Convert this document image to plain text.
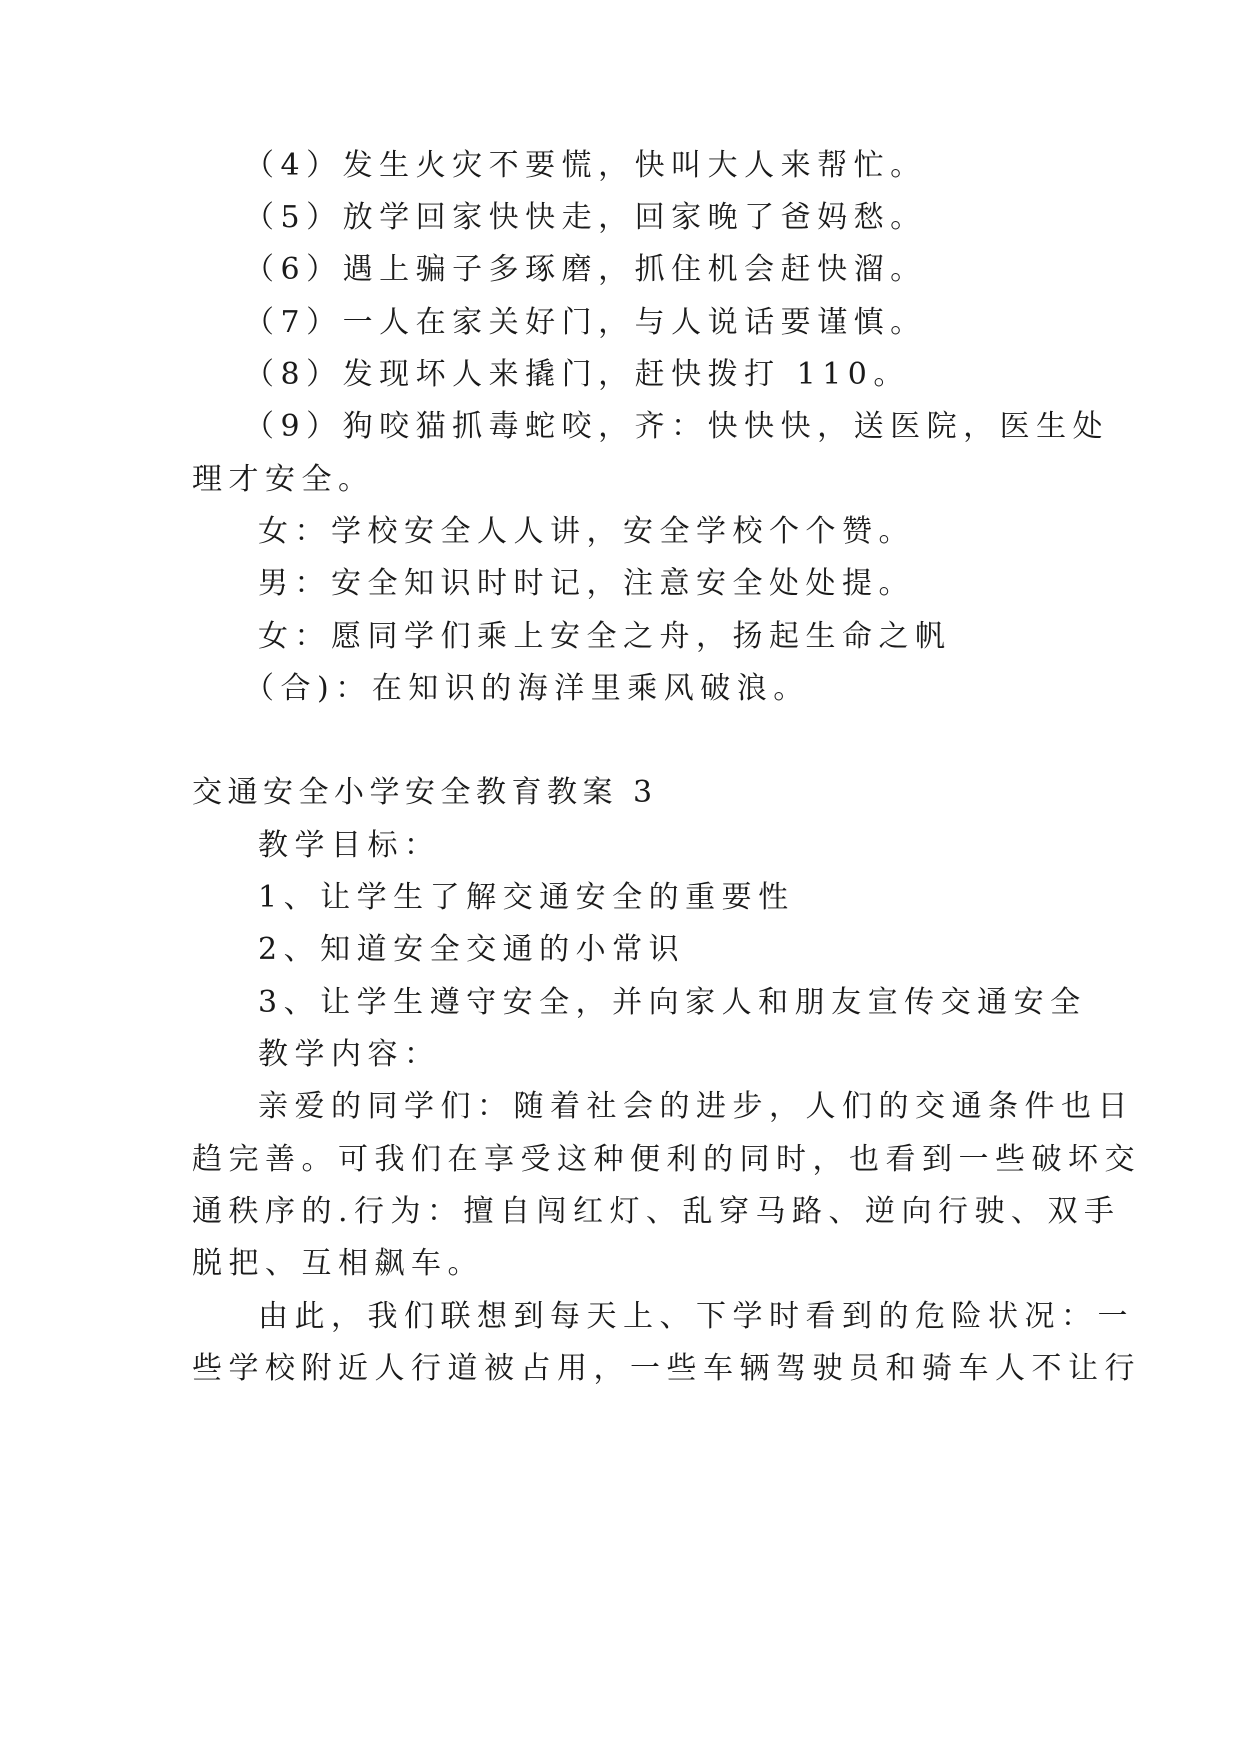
（4）发生火灾不要慌，快叫大人来帮忙。

（5）放学回家快快走，回家晚了爸妈愁。

（6）遇上骗子多琢磨，抓住机会赶快溜。

（7）一人在家关好门，与人说话要谨慎。

（8）发现坏人来撬门，赶快拨打 110。

（9）狗咬猫抓毒蛇咬，齐：快快快，送医院，医生处

理才安全。

女：学校安全人人讲，安全学校个个赞。

男：安全知识时时记，注意安全处处提。

女：愿同学们乘上安全之舟，扬起生命之帆

（合)：在知识的海洋里乘风破浪。

交通安全小学安全教育教案 3

教学目标：

1、让学生了解交通安全的重要性

2、知道安全交通的小常识

3、让学生遵守安全，并向家人和朋友宣传交通安全

教学内容：

亲爱的同学们：随着社会的进步，人们的交通条件也日

趋完善。可我们在享受这种便利的同时，也看到一些破坏交

通秩序的.行为：擅自闯红灯、乱穿马路、逆向行驶、双手

脱把、互相飙车。

由此，我们联想到每天上、下学时看到的危险状况：一

些学校附近人行道被占用，一些车辆驾驶员和骑车人不让行
